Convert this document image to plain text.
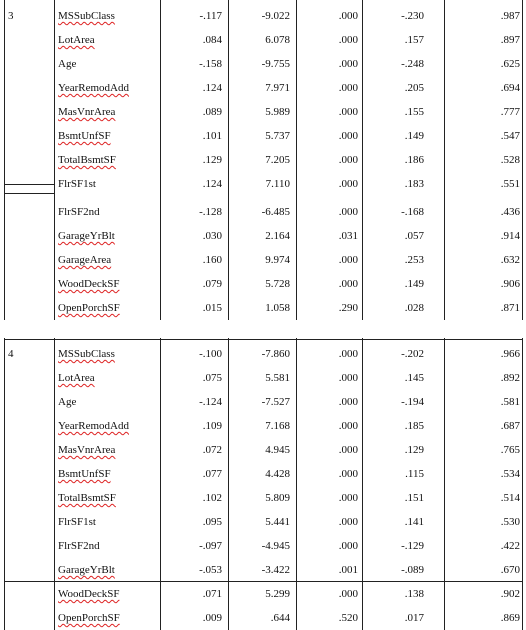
3	MSSubClass	-.117	-9.022	.000	-.230	.987
LotArea	.084	6.078	.000	.157	.897
Age	-.158	-9.755	.000	-.248	.625
YearRemodAdd	.124	7.971	.000	.205	.694
MasVnrArea	.089	5.989	.000	.155	.777
BsmtUnfSF	.101	5.737	.000	.149	.547
TotalBsmtSF	.129	7.205	.000	.186	.528
FlrSF1st	.124	7.110	.000	.183	.551
FlrSF2nd	-.128	-6.485	.000	-.168	.436
GarageYrBlt	.030	2.164	.031	.057	.914
GarageArea	.160	9.974	.000	.253	.632
WoodDeckSF	.079	5.728	.000	.149	.906
OpenPorchSF	.015	1.058	.290	.028	.871
4	MSSubClass	-.100	-7.860	.000	-.202	.966
LotArea	.075	5.581	.000	.145	.892
Age	-.124	-7.527	.000	-.194	.581
YearRemodAdd	.109	7.168	.000	.185	.687
MasVnrArea	.072	4.945	.000	.129	.765
BsmtUnfSF	.077	4.428	.000	.115	.534
TotalBsmtSF	.102	5.809	.000	.151	.514
FlrSF1st	.095	5.441	.000	.141	.530
FlrSF2nd	-.097	-4.945	.000	-.129	.422
GarageYrBlt	-.053	-3.422	.001	-.089	.670
WoodDeckSF	.071	5.299	.000	.138	.902
OpenPorchSF	.009	.644	.520	.017	.869
